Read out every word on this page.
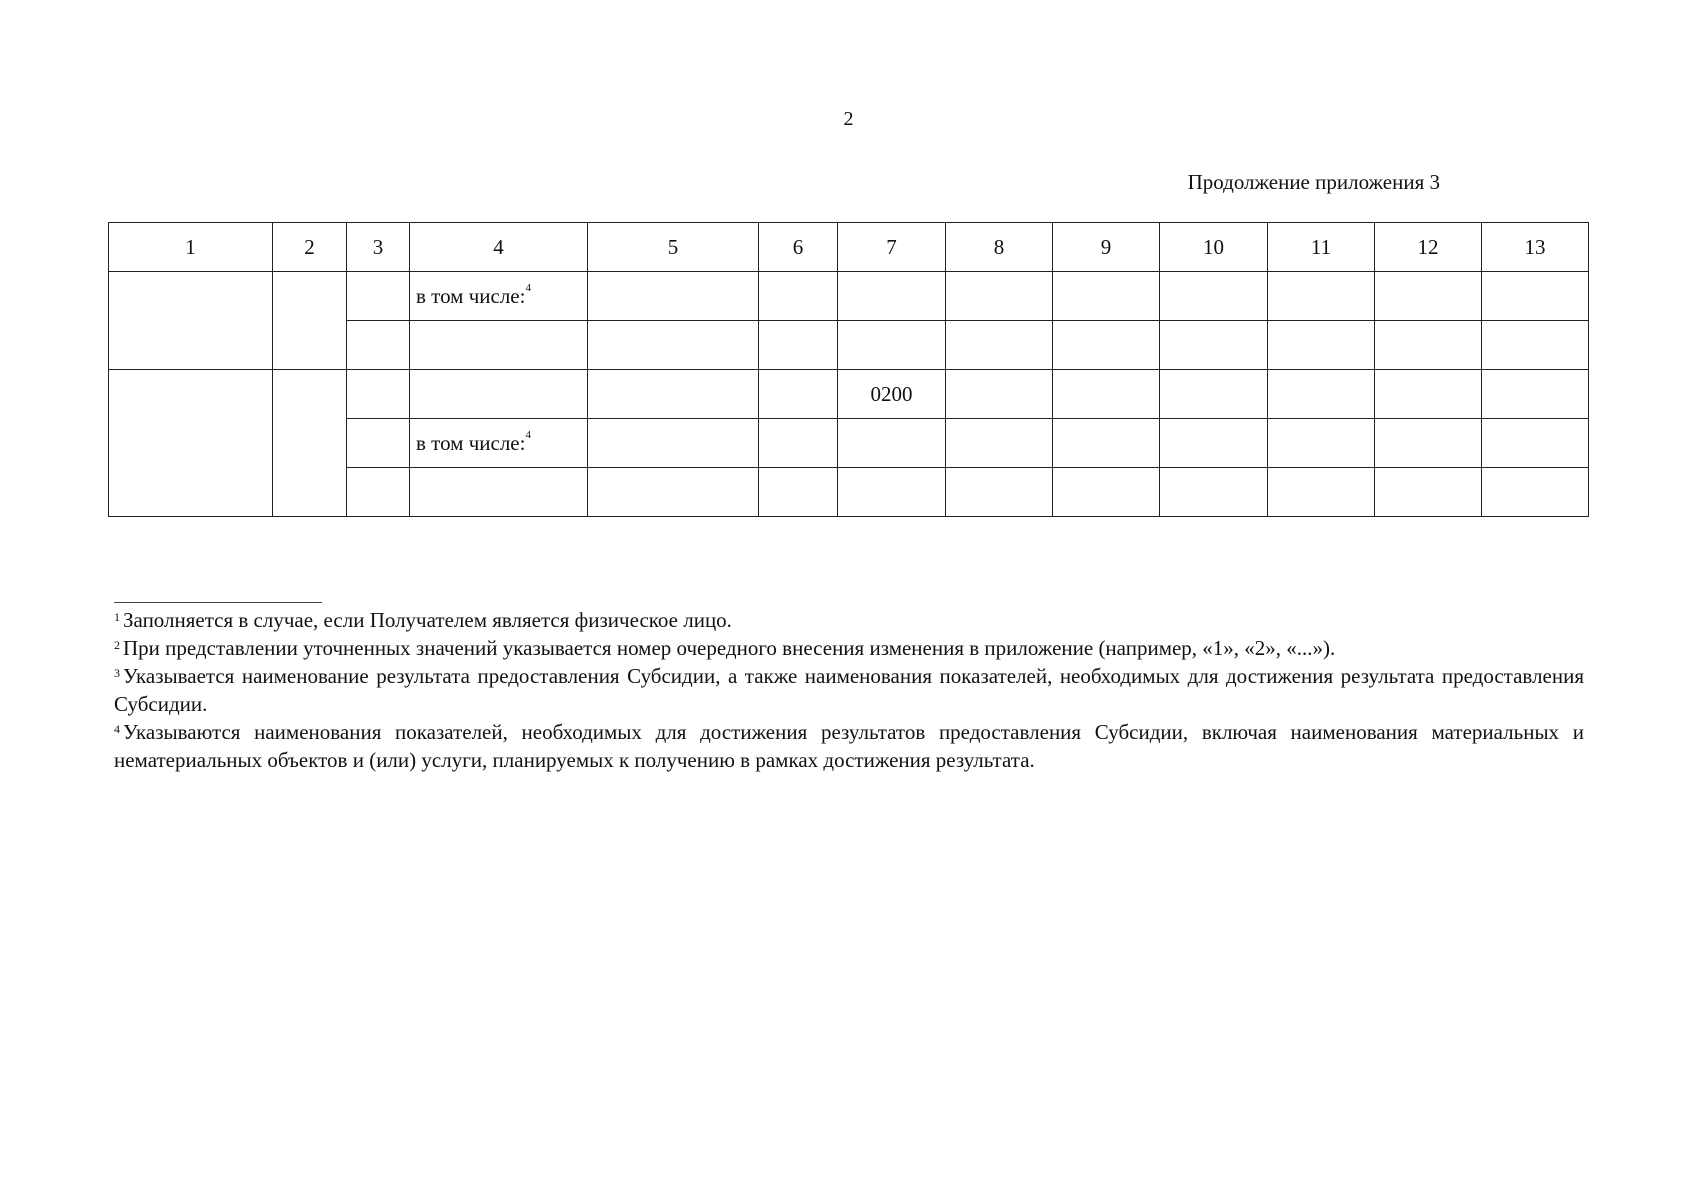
2
Продолжение приложения 3
1	2	3	4	5	6	7	8	9	10	11	12	13
			в том числе:$^4$									

						0200						
			в том числе:$^4$									

$^1$ Заполняется в случае, если Получателем является физическое лицо.

$^2$ При представлении уточненных значений указывается номер очередного внесения изменения в приложение (например, «1», «2», «...»).

$^3$ Указывается наименование результата предоставления Субсидии, а также наименования показателей, необходимых для достижения результата предоставления Субсидии.

$^4$ Указываются наименования показателей, необходимых для достижения результатов предоставления Субсидии, включая наименования материальных и нематериальных объектов и (или) услуги, планируемых к получению в рамках достижения результата.
